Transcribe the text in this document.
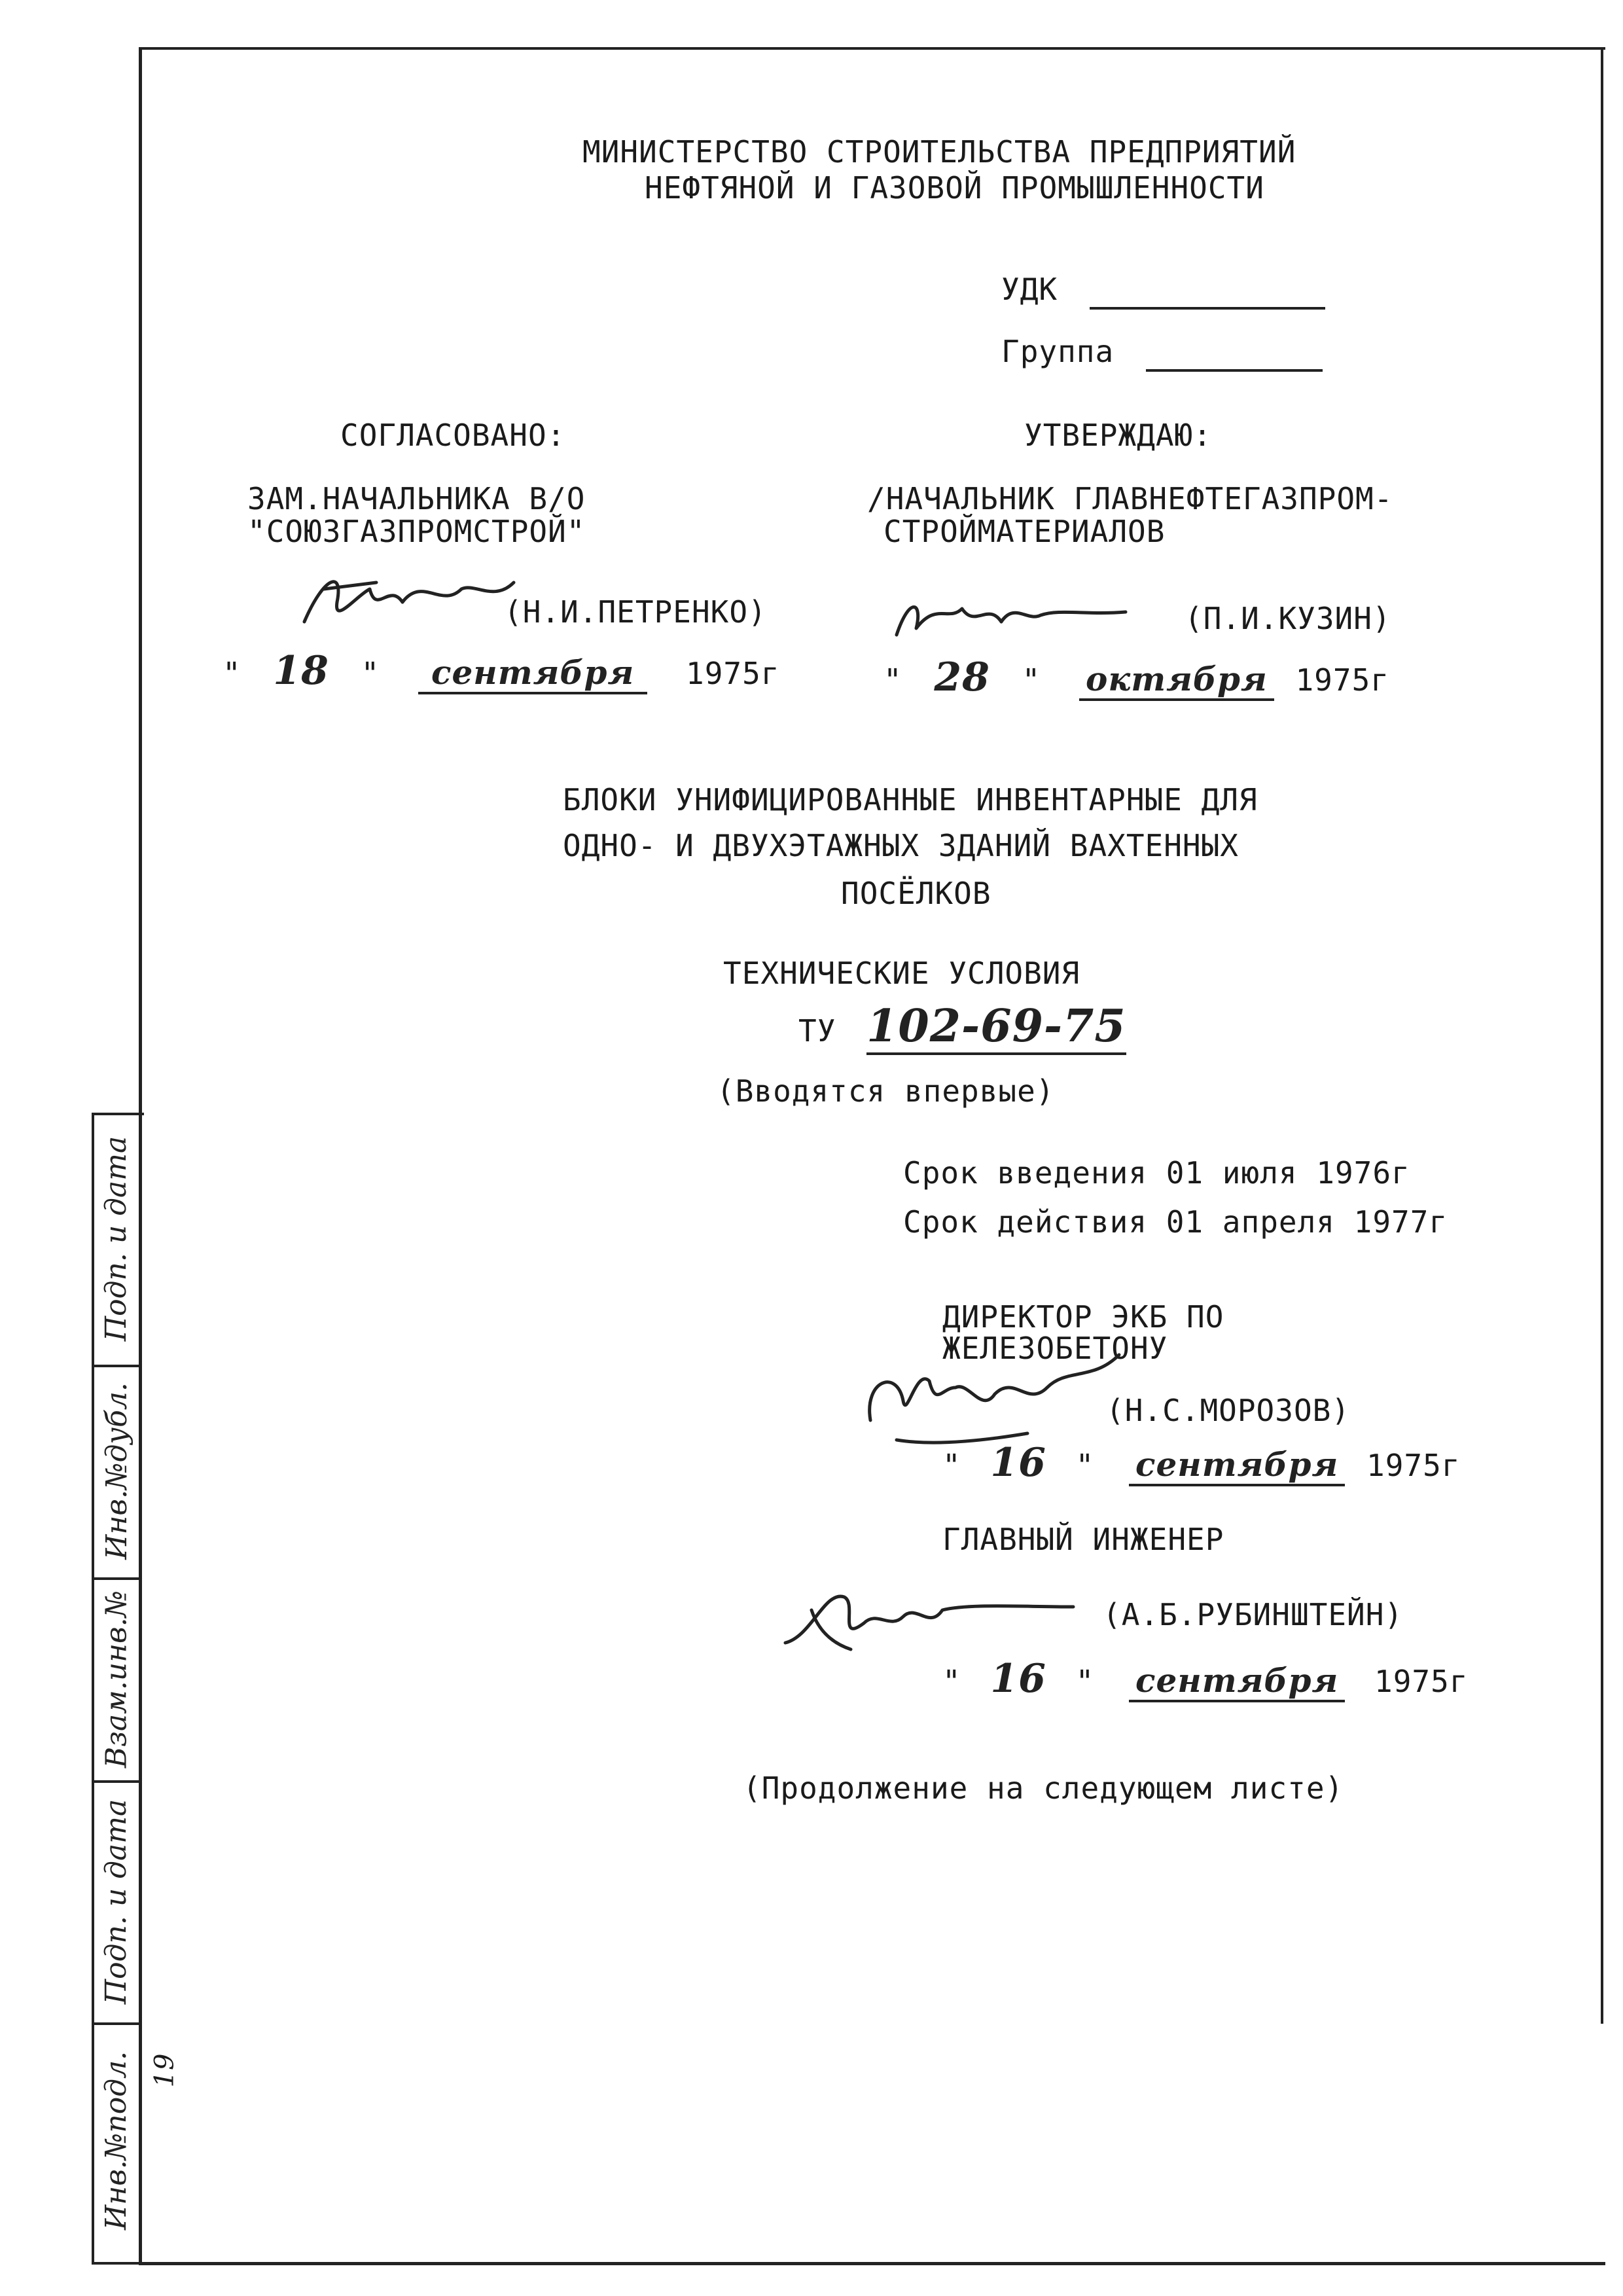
МИНИСТЕРСТВО СТРОИТЕЛЬСТВА ПРЕДПРИЯТИЙ
НЕФТЯНОЙ И ГАЗОВОЙ ПРОМЫШЛЕННОСТИ
УДК
Группа
СОГЛАСОВАНО:
ЗАМ.НАЧАЛЬНИКА В/О
"СОЮЗГАЗПРОМСТРОЙ"
(Н.И.ПЕТРЕНКО)
" 18 " сентября 1975г
УТВЕРЖДАЮ:
/НАЧАЛЬНИК ГЛАВНЕФТЕГАЗПРОМ-
СТРОЙМАТЕРИАЛОВ
(П.И.КУЗИН)
" 28 " октября 1975г
БЛОКИ УНИФИЦИРОВАННЫЕ ИНВЕНТАРНЫЕ ДЛЯ
ОДНО- И ДВУХЭТАЖНЫХ ЗДАНИЙ ВАХТЕННЫХ
ПОСЁЛКОВ
ТЕХНИЧЕСКИЕ УСЛОВИЯ
ТУ 102-69-75
(Вводятся впервые)
Срок введения 01 июля 1976г
Срок действия 01 апреля 1977г
ДИРЕКТОР ЭКБ ПО
ЖЕЛЕЗОБЕТОНУ
(Н.С.МОРОЗОВ)
" 16 " сентября 1975г
ГЛАВНЫЙ ИНЖЕНЕР
(А.Б.РУБИНШТЕЙН)
" 16 " сентября 1975г
(Продолжение на следующем листе)
Подп. и дата
Инв.№дубл.
Взам.инв.№
Подп. и дата
Инв.№подл. 19
